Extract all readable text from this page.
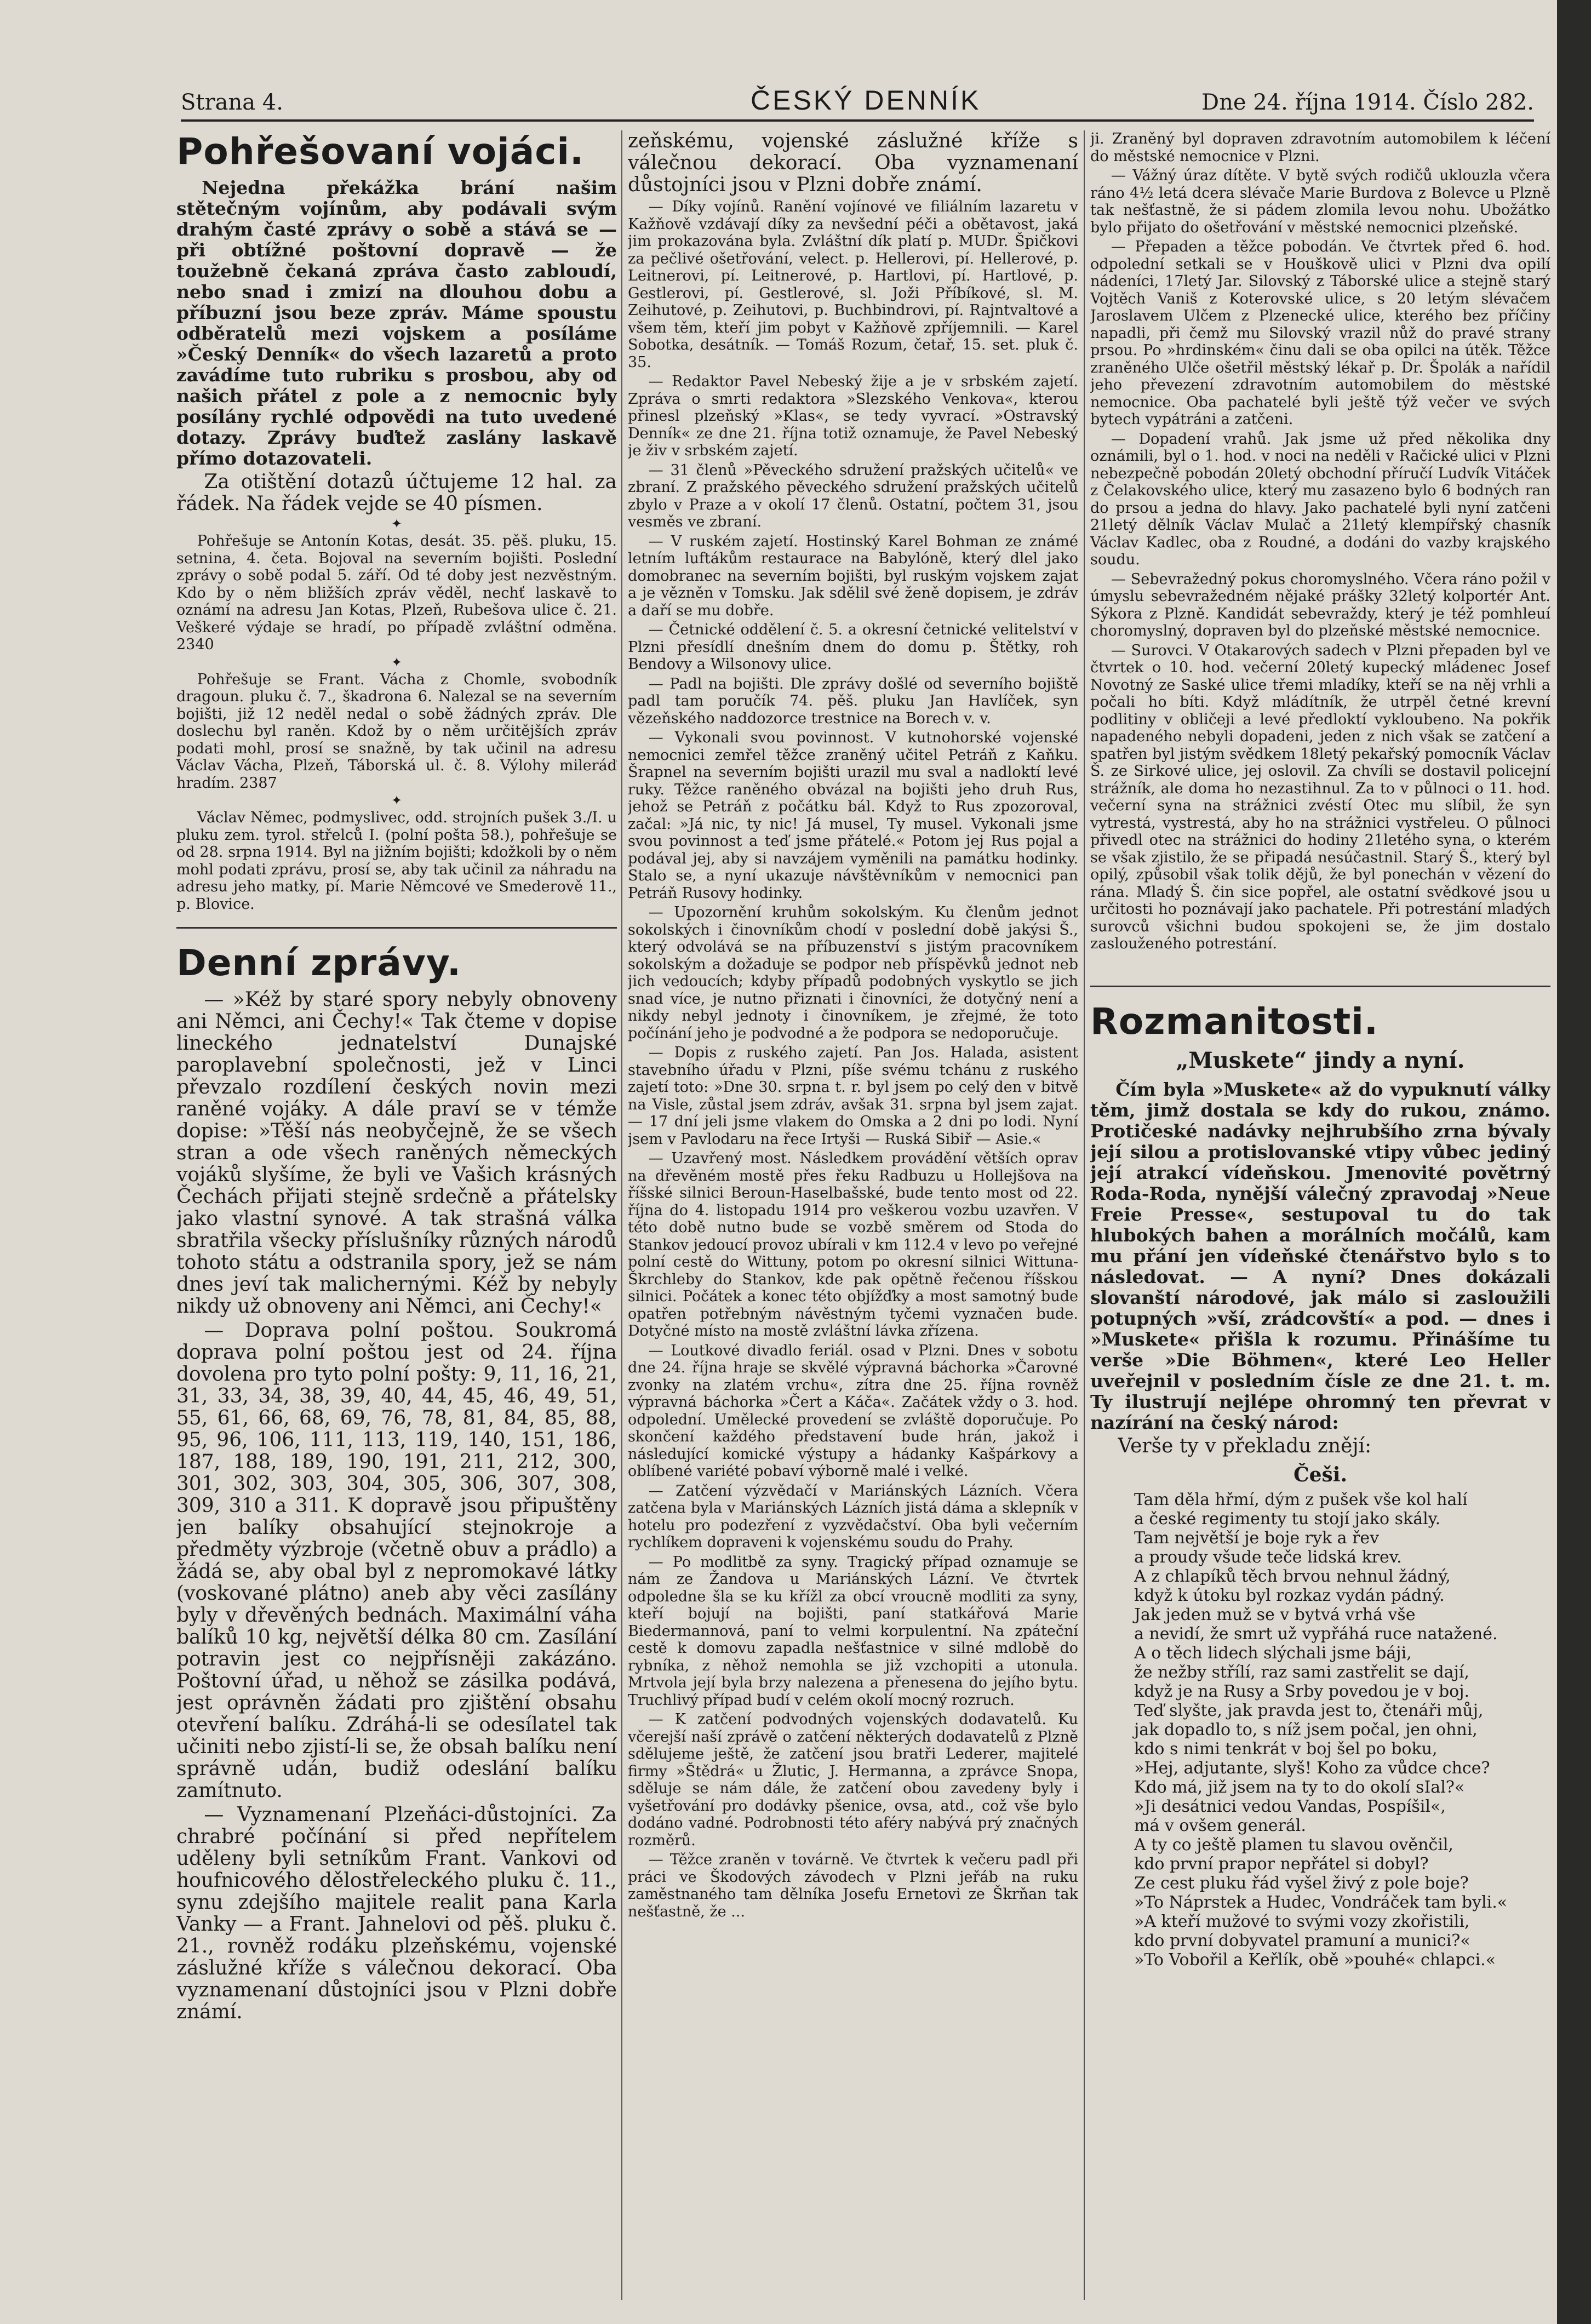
Strana 4.	ČESKÝ DENNÍK	Dne 24. října 1914. Číslo 282.
Pohřešovaní vojáci.

Nejedna překážka brání našim stětečným vojínům, aby podávali svým drahým časté zprávy o sobě a stává se — při obtížné poštovní dopravě — že toužebně čekaná zpráva často zabloudí, nebo snad i zmizí na dlouhou dobu a příbuzní jsou beze zpráv. Máme spoustu odběratelů mezi vojskem a posíláme »Český Denník« do všech lazaretů a proto zavádíme tuto rubriku s prosbou, aby od našich přátel z pole a z nemocnic byly posílány rychlé odpovědi na tuto uvedené dotazy. Zprávy buďtež zaslány laskavě přímo dotazovateli.

Za otištění dotazů účtujeme 12 hal. za řádek. Na řádek vejde se 40 písmen.

✦

Pohřešuje se Antonín Kotas, desát. 35. pěš. pluku, 15. setnina, 4. četa. Bojoval na severním bojišti. Poslední zprávy o sobě podal 5. září. Od té doby jest nezvěstným. Kdo by o něm bližších zpráv věděl, nechť laskavě to oznámí na adresu Jan Kotas, Plzeň, Rubešova ulice č. 21. Veškeré výdaje se hradí, po případě zvláštní odměna. 2340

✦

Pohřešuje se Frant. Vácha z Chomle, svobodník dragoun. pluku č. 7., škadrona 6. Nalezal se na severním bojišti, již 12 neděl nedal o sobě žádných zpráv. Dle doslechu byl raněn. Kdož by o něm určitějších zpráv podati mohl, prosí se snažně, by tak učinil na adresu Václav Vácha, Plzeň, Táborská ul. č. 8. Výlohy mileráď hradím. 2387

✦

Václav Němec, podmyslivec, odd. strojních pušek 3./I. u pluku zem. tyrol. střelců I. (polní pošta 58.), pohřešuje se od 28. srpna 1914. Byl na jižním bojišti; kdožkoli by o něm mohl podati zprávu, prosí se, aby tak učinil za náhradu na adresu jeho matky, pí. Marie Němcové ve Smederově 11., p. Blovice.

Denní zprávy.

— »Kéž by staré spory nebyly obnoveny ani Němci, ani Čechy!« Tak čteme v dopise lineckého jednatelství Dunajské paroplavební společnosti, jež v Linci převzalo rozdílení českých novin mezi raněné vojáky. A dále praví se v témže dopise: »Těší nás neobyčejně, že se všech stran a ode všech raněných německých vojáků slyšíme, že byli ve Vašich krásných Čechách přijati stejně srdečně a přátelsky jako vlastní synové. A tak strašná válka sbratřila všecky příslušníky různých národů tohoto státu a odstranila spory, jež se nám dnes jeví tak malichernými. Kéž by nebyly nikdy už obnoveny ani Němci, ani Čechy!«

— Doprava polní poštou. Soukromá doprava polní poštou jest od 24. října dovolena pro tyto polní pošty: 9, 11, 16, 21, 31, 33, 34, 38, 39, 40, 44, 45, 46, 49, 51, 55, 61, 66, 68, 69, 76, 78, 81, 84, 85, 88, 95, 96, 106, 111, 113, 119, 140, 151, 186, 187, 188, 189, 190, 191, 211, 212, 300, 301, 302, 303, 304, 305, 306, 307, 308, 309, 310 a 311. K dopravě jsou připuštěny jen balíky obsahující stejnokroje a předměty výzbroje (včetně obuv a prádlo) a žádá se, aby obal byl z nepromokavé látky (voskované plátno) aneb aby věci zasílány byly v dřevěných bednách. Maximální váha balíků 10 kg, největší délka 80 cm. Zasílání potravin jest co nejpřísněji zakázáno. Poštovní úřad, u něhož se zásilka podává, jest oprávněn žádati pro zjištění obsahu otevření balíku. Zdráhá-li se odesílatel tak učiniti nebo zjistí-li se, že obsah balíku není správně udán, budiž odeslání balíku zamítnuto.

— Vyznamenaní Plzeňáci-důstojníci. Za chrabré počínání si před nepřítelem uděleny byli setníkům Frant. Vankovi od houfnicového dělostřeleckého pluku č. 11., synu zdejšího majitele realit pana Karla Vanky — a Frant. Jahnelovi od pěš. pluku č. 21., rovněž rodáku plzeňskému, vojenské záslužné kříže s válečnou dekorací. Oba vyznamenaní důstojníci jsou v Plzni dobře známí.

zeňskému, vojenské záslužné kříže s válečnou dekorací. Oba vyznamenaní důstojníci jsou v Plzni dobře známí.

— Díky vojínů. Ranění vojínové ve filiálním lazaretu v Kažňově vzdávají díky za nevšední péči a obětavost, jaká jim prokazována byla. Zvláštní dík platí p. MUDr. Špičkovi za pečlivé ošetřování, velect. p. Hellerovi, pí. Hellerové, p. Leitnerovi, pí. Leitnerové, p. Hartlovi, pí. Hartlové, p. Gestlerovi, pí. Gestlerové, sl. Joži Příbíkové, sl. M. Zeihutové, p. Zeihutovi, p. Buchbindrovi, pí. Rajntvaltové a všem těm, kteří jim pobyt v Kažňově zpříjemnili. — Karel Sobotka, desátník. — Tomáš Rozum, četař, 15. set. pluk č. 35.

— Redaktor Pavel Nebeský žije a je v srbském zajetí. Zpráva o smrti redaktora »Slezského Venkova«, kterou přinesl plzeňský »Klas«, se tedy vyvrací. »Ostravský Denník« ze dne 21. října totiž oznamuje, že Pavel Nebeský je živ v srbském zajetí.

— 31 členů »Pěveckého sdružení pražských učitelů« ve zbraní. Z pražského pěveckého sdružení pražských učitelů zbylo v Praze a v okolí 17 členů. Ostatní, počtem 31, jsou vesměs ve zbraní.

— V ruském zajetí. Hostinský Karel Bohman ze známé letním luftákům restaurace na Babylóně, který dlel jako domobranec na severním bojišti, byl ruským vojskem zajat a je vězněn v Tomsku. Jak sdělil své ženě dopisem, je zdráv a daří se mu dobře.

— Četnické oddělení č. 5. a okresní četnické velitelství v Plzni přesídlí dnešním dnem do domu p. Štětky, roh Bendovy a Wilsonovy ulice.

— Padl na bojišti. Dle zprávy došlé od severního bojiště padl tam poručík 74. pěš. pluku Jan Havlíček, syn vězeňského naddozorce trestnice na Borech v. v.

— Vykonali svou povinnost. V kutnohorské vojenské nemocnici zemřel těžce zraněný učitel Petráň z Kaňku. Šrapnel na severním bojišti urazil mu sval a nadloktí levé ruky. Těžce raněného obvázal na bojišti jeho druh Rus, jehož se Petráň z počátku bál. Když to Rus zpozoroval, začal: »Já nic, ty nic! Já musel, Ty musel. Vykonali jsme svou povinnost a teď jsme přátelé.« Potom jej Rus pojal a podával jej, aby si navzájem vyměnili na památku hodinky. Stalo se, a nyní ukazuje návštěvníkům v nemocnici pan Petráň Rusovy hodinky.

— Upozornění kruhům sokolským. Ku členům jednot sokolských i činovníkům chodí v poslední době jakýsi Š., který odvolává se na příbuzenství s jistým pracovníkem sokolským a dožaduje se podpor neb příspěvků jednot neb jich vedoucích; kdyby případů podobných vyskytlo se jich snad více, je nutno přiznati i činovníci, že dotyčný není a nikdy nebyl jednoty i činovníkem, je zřejmé, že toto počínání jeho je podvodné a že podpora se nedoporučuje.

— Dopis z ruského zajetí. Pan Jos. Halada, asistent stavebního úřadu v Plzni, píše svému tchánu z ruského zajetí toto: »Dne 30. srpna t. r. byl jsem po celý den v bitvě na Visle, zůstal jsem zdráv, avšak 31. srpna byl jsem zajat. — 17 dní jeli jsme vlakem do Omska a 2 dni po lodi. Nyní jsem v Pavlodaru na řece Irtyši — Ruská Sibiř — Asie.«

— Uzavřený most. Následkem provádění větších oprav na dřevěném mostě přes řeku Radbuzu u Hollejšova na říšské silnici Beroun-Haselbašské, bude tento most od 22. října do 4. listopadu 1914 pro veškerou vozbu uzavřen. V této době nutno bude se vozbě směrem od Stoda do Stankov jedoucí provoz ubírali v km 112.4 v levo po veřejné polní cestě do Wittuny, potom po okresní silnici Wittuna-Škrchleby do Stankov, kde pak opětně řečenou říšskou silnici. Počátek a konec této objížďky a most samotný bude opatřen potřebným návěstným tyčemi vyznačen bude. Dotyčné místo na mostě zvláštní lávka zřízena.

— Loutkové divadlo feriál. osad v Plzni. Dnes v sobotu dne 24. října hraje se skvělé výpravná báchorka »Čarovné zvonky na zlatém vrchu«, zítra dne 25. října rovněž výpravná báchorka »Čert a Káča«. Začátek vždy o 3. hod. odpolední. Umělecké provedení se zvláště doporučuje. Po skončení každého představení bude hrán, jakož i následující komické výstupy a hádanky Kašpárkovy a oblíbené variété pobaví výborně malé i velké.

— Zatčení výzvědačí v Mariánských Lázních. Včera zatčena byla v Mariánských Lázních jistá dáma a sklepník v hotelu pro podezření z vyzvědačství. Oba byli večerním rychlíkem dopraveni k vojenskému soudu do Prahy.

— Po modlitbě za syny. Tragický případ oznamuje se nám ze Žandova u Mariánských Lázní. Ve čtvrtek odpoledne šla se ku křížl za obcí vroucně modliti za syny, kteří bojují na bojišti, paní statkářová Marie Biedermannová, paní to velmi korpulentní. Na zpáteční cestě k domovu zapadla nešťastnice v silné mdlobě do rybníka, z něhož nemohla se již vzchopiti a utonula. Mrtvola její byla brzy nalezena a přenesena do jejího bytu. Truchlivý případ budí v celém okolí mocný rozruch.

— K zatčení podvodných vojenských dodavatelů. Ku včerejší naší zprávě o zatčení některých dodavatelů z Plzně sdělujeme ještě, že zatčení jsou bratři Lederer, majitelé firmy »Štědrá« u Žlutic, J. Hermanna, a zprávce Snopa, sděluje se nám dále, že zatčení obou zavedeny byly i vyšetřování pro dodávky pšenice, ovsa, atd., což vše bylo dodáno vadné. Podrobnosti této aféry nabývá prý značných rozměrů.

— Těžce zraněn v továrně. Ve čtvrtek k večeru padl při práci ve Škodových závodech v Plzni jeřáb na ruku zaměstnaného tam dělníka Josefu Ernetovi ze Škrňan tak nešťastně, že ...

ji. Zraněný byl dopraven zdravotním automobilem k léčení do městské nemocnice v Plzni.

— Vážný úraz dítěte. V bytě svých rodičů uklouzla včera ráno 4½ letá dcera slévače Marie Burdova z Bolevce u Plzně tak nešťastně, že si pádem zlomila levou nohu. Ubožátko bylo přijato do ošetřování v městské nemocnici plzeňské.

— Přepaden a těžce pobodán. Ve čtvrtek před 6. hod. odpolední setkali se v Houškově ulici v Plzni dva opilí nádeníci, 17letý Jar. Silovský z Táborské ulice a stejně starý Vojtěch Vaniš z Koterovské ulice, s 20 letým slévačem Jaroslavem Ulčem z Plzenecké ulice, kterého bez příčiny napadli, při čemž mu Silovský vrazil nůž do pravé strany prsou. Po »hrdinském« činu dali se oba opilci na útěk. Těžce zraněného Ulče ošetřil městský lékař p. Dr. Špolák a nařídil jeho převezení zdravotním automobilem do městské nemocnice. Oba pachatelé byli ještě týž večer ve svých bytech vypátráni a zatčeni.

— Dopadení vrahů. Jak jsme už před několika dny oznámili, byl o 1. hod. v noci na neděli v Račické ulici v Plzni nebezpečně pobodán 20letý obchodní příručí Ludvík Vitáček z Čelakovského ulice, který mu zasazeno bylo 6 bodných ran do prsou a jedna do hlavy. Jako pachatelé byli nyní zatčeni 21letý dělník Václav Mulač a 21letý klempířský chasník Václav Kadlec, oba z Roudné, a dodáni do vazby krajského soudu.

— Sebevražedný pokus choromyslného. Včera ráno požil v úmyslu sebevražedném nějaké prášky 32letý kolportér Ant. Sýkora z Plzně. Kandidát sebevraždy, který je též pomhleuí choromyslný, dopraven byl do plzeňské městské nemocnice.

— Surovci. V Otakarových sadech v Plzni přepaden byl ve čtvrtek o 10. hod. večerní 20letý kupecký mládenec Josef Novotný ze Saské ulice třemi mladíky, kteří se na něj vrhli a počali ho bíti. Když mládítník, že utrpěl četné krevní podlitiny v obličeji a levé předloktí vykloubeno. Na pokřik napadeného nebyli dopadeni, jeden z nich však se zatčení a spatřen byl jistým svědkem 18letý pekařský pomocník Václav Š. ze Sirkové ulice, jej oslovil. Za chvíli se dostavil policejní strážník, ale doma ho nezastihnul. Za to v půlnoci o 11. hod. večerní syna na strážnici zvéstí Otec mu slíbil, že syn vytrestá, vystrestá, aby ho na strážnici vystřeleu. O půlnoci přivedl otec na strážnici do hodiny 21letého syna, o kterém se však zjistilo, že se připadá nesúčastnil. Starý Š., který byl opilý, způsobil však tolik dějů, že byl ponechán v vězení do rána. Mladý Š. čin sice popřel, ale ostatní svědkové jsou u určitosti ho poznávají jako pachatele. Při potrestání mladých surovců všichni budou spokojeni se, že jim dostalo zaslouženého potrestání.

Rozmanitosti.
„Muskete“ jindy a nyní.

Čím byla »Muskete« až do vypuknutí války těm, jimž dostala se kdy do rukou, známo. Protičeské nadávky nejhrubšího zrna bývaly její silou a protislovanské vtipy vůbec jediný její atrakcí vídeňskou. Jmenovité povětrný Roda-Roda, nynější válečný zpravodaj »Neue Freie Presse«, sestupoval tu do tak hlubokých bahen a morálních močálů, kam mu přání jen vídeňské čtenářstvo bylo s to následovat. — A nyní? Dnes dokázali slovanští národové, jak málo si zasloužili potupných »vší, zrádcovští« a pod. — dnes i »Muskete« přišla k rozumu. Přinášíme tu verše »Die Böhmen«, které Leo Heller uveřejnil v posledním čísle ze dne 21. t. m. Ty ilustrují nejlépe ohromný ten převrat v nazírání na český národ:

Verše ty v překladu znějí:

Češi.
Tam děla hřmí, dým z pušek vše kol halí
a české regimenty tu stojí jako skály.
Tam největší je boje ryk a řev
a proudy všude teče lidská krev.
A z chlapíků těch brvou nehnul žádný,
když k útoku byl rozkaz vydán pádný.
Jak jeden muž se v bytvá vrhá vše
a nevidí, že smrt už vypřáhá ruce natažené.
A o těch lidech slýchali jsme báji,
že nežby střílí, raz sami zastřelit se dají,
když je na Rusy a Srby povedou je v boj.
Teď slyšte, jak pravda jest to, čtenáři můj,
jak dopadlo to, s níž jsem počal, jen ohni,
kdo s nimi tenkrát v boj šel po boku,
»Hej, adjutante, slyš! Koho za vůdce chce?
Kdo má, již jsem na ty to do okolí sIal?«
»Ji desátnici vedou Vandas, Pospíšil«,
má v ovšem generál.
A ty co ještě plamen tu slavou ověnčil,
kdo první prapor nepřátel si dobyl?
Ze cest pluku řád vyšel živý z pole boje?
»To Náprstek a Hudec, Vondráček tam byli.«
»A kteří mužové to svými vozy zkořistili,
kdo první dobyvatel pramuní a munici?«
»To Vobořil a Keřlík, obě »pouhé« chlapci.«
